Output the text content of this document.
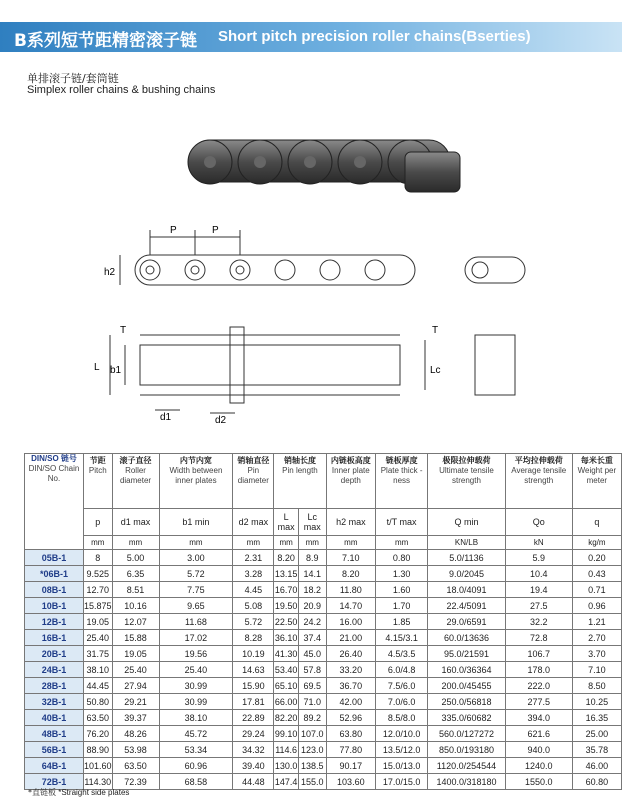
B系列短节距精密滚子链 Short pitch precision roller chains(Bserties)
单排滚子链/套筒链
Simplex roller chains & bushing chains
P	P
h2
T	T
L b1	Lc
d1	d2
DIN/SO 链号
DIN/SO Chain No.	节距
Pitch	滚子直径
Roller diameter	内节内宽
Width between inner plates	销轴直径
Pin diameter	销轴长度
Pin length		内链板高度
Inner plate depth	链板厚度
Plate thick -ness	极限拉伸载荷
Ultimate tensile strength	平均拉伸载荷
Average tensile strength	每米长重
Weight per meter

	p	d1 max	b1 min	d2 max	L max	Lc max	h2 max	t/T max	Q min	Qo	q
	mm	mm	mm	mm	mm	mm	mm	mm	KN/LB	kN	kg/m
05B-1	8	5.00	3.00	2.31	8.20	8.9	7.10	0.80	5.0/1136	5.9	0.20
*06B-1	9.525	6.35	5.72	3.28	13.15	14.1	8.20	1.30	9.0/2045	10.4	0.43
08B-1	12.70	8.51	7.75	4.45	16.70	18.2	11.80	1.60	18.0/4091	19.4	0.71
10B-1	15.875	10.16	9.65	5.08	19.50	20.9	14.70	1.70	22.4/5091	27.5	0.96
12B-1	19.05	12.07	11.68	5.72	22.50	24.2	16.00	1.85	29.0/6591	32.2	1.21
16B-1	25.40	15.88	17.02	8.28	36.10	37.4	21.00	4.15/3.1	60.0/13636	72.8	2.70
20B-1	31.75	19.05	19.56	10.19	41.30	45.0	26.40	4.5/3.5	95.0/21591	106.7	3.70
24B-1	38.10	25.40	25.40	14.63	53.40	57.8	33.20	6.0/4.8	160.0/36364	178.0	7.10
28B-1	44.45	27.94	30.99	15.90	65.10	69.5	36.70	7.5/6.0	200.0/45455	222.0	8.50
32B-1	50.80	29.21	30.99	17.81	66.00	71.0	42.00	7.0/6.0	250.0/56818	277.5	10.25
40B-1	63.50	39.37	38.10	22.89	82.20	89.2	52.96	8.5/8.0	335.0/60682	394.0	16.35
48B-1	76.20	48.26	45.72	29.24	99.10	107.0	63.80	12.0/10.0	560.0/127272	621.6	25.00
56B-1	88.90	53.98	53.34	34.32	114.6	123.0	77.80	13.5/12.0	850.0/193180	940.0	35.78
64B-1	101.60	63.50	60.96	39.40	130.0	138.5	90.17	15.0/13.0	1120.0/254544	1240.0	46.00
72B-1	114.30	72.39	68.58	44.48	147.4	155.0	103.60	17.0/15.0	1400.0/318180	1550.0	60.80
*直链板 *Straight side plates
